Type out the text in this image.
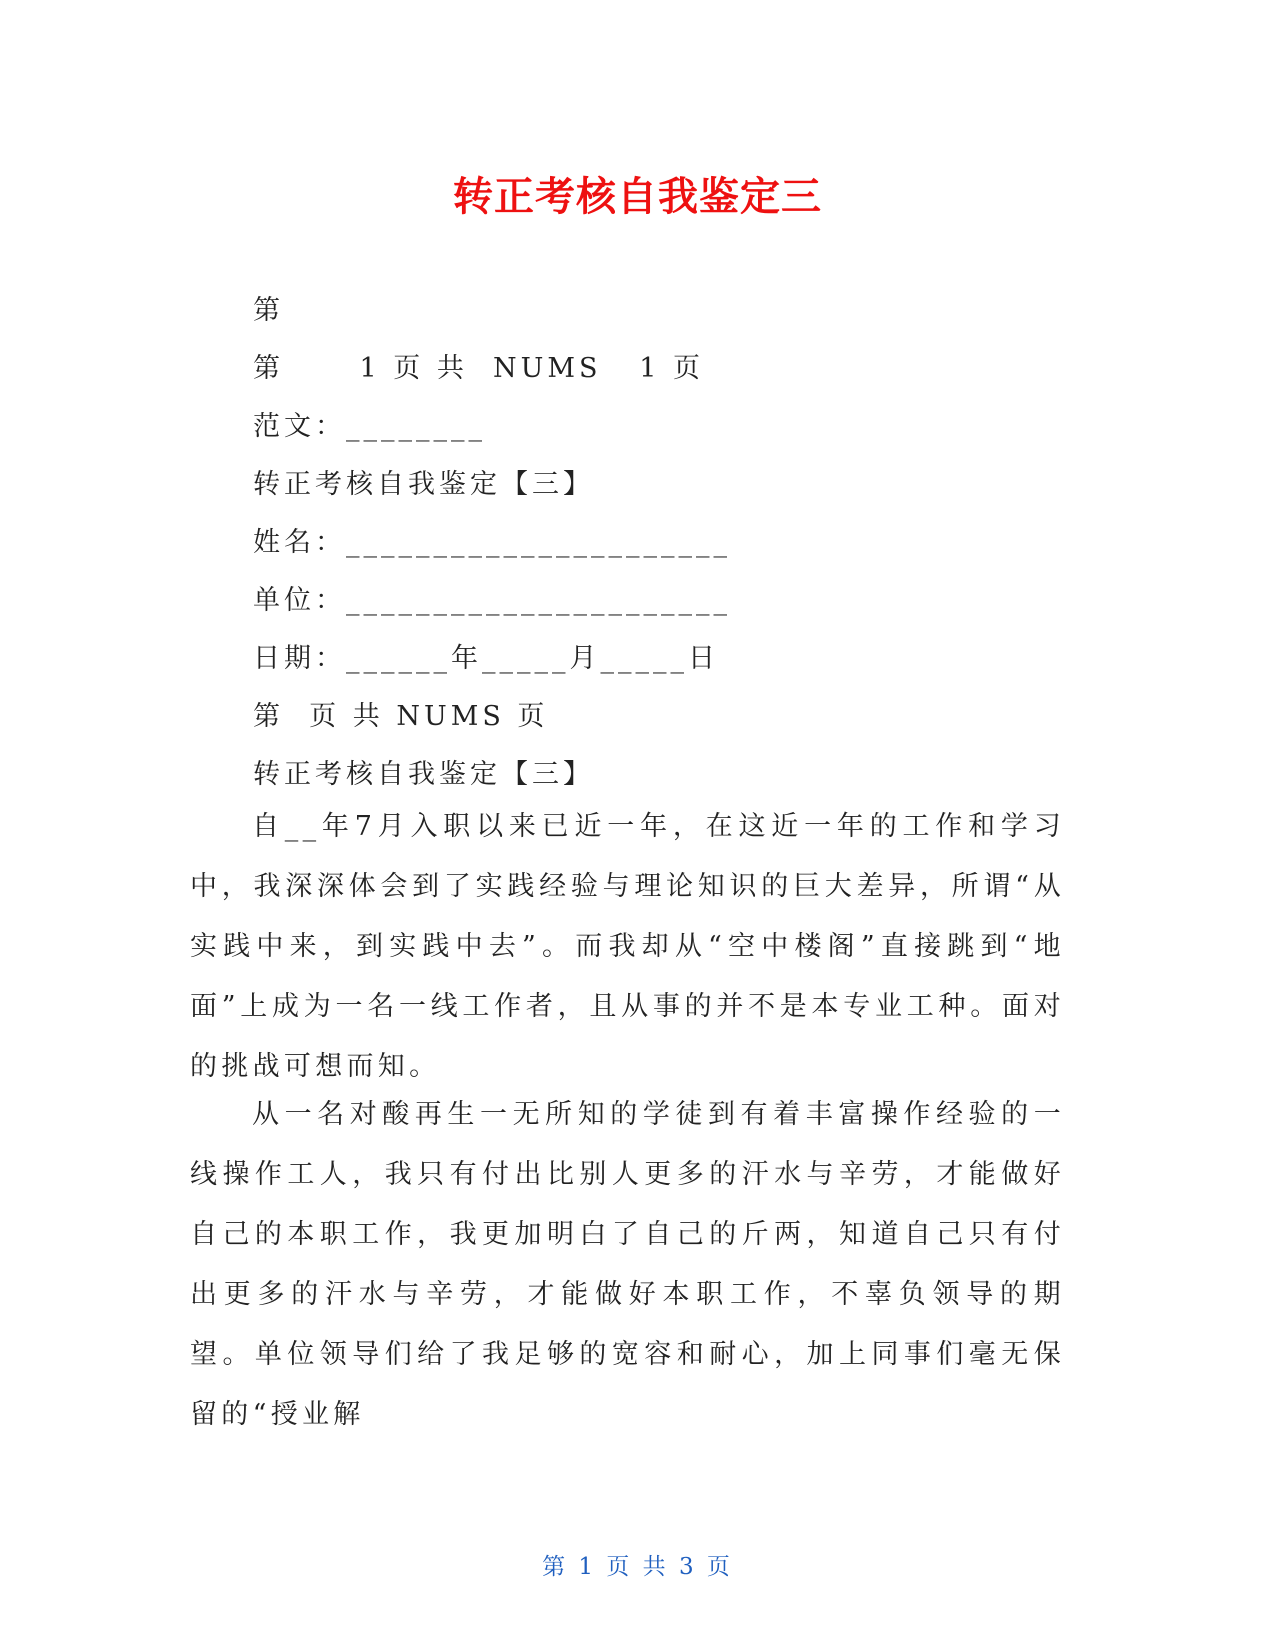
转正考核自我鉴定三
第
第      1 页 共  NUMS   1 页
范文：________
转正考核自我鉴定【三】
姓名：______________________
单位：______________________
日期：______年_____月_____日
第  页 共 NUMS 页
转正考核自我鉴定【三】

自__年7月入职以来已近一年，在这近一年的工作和学习中，我深深体会到了实践经验与理论知识的巨大差异，所谓“从实践中来，到实践中去”。而我却从“空中楼阁”直接跳到“地面”上成为一名一线工作者，且从事的并不是本专业工种。面对的挑战可想而知。

从一名对酸再生一无所知的学徒到有着丰富操作经验的一线操作工人，我只有付出比别人更多的汗水与辛劳，才能做好自己的本职工作，我更加明白了自己的斤两，知道自己只有付出更多的汗水与辛劳，才能做好本职工作，不辜负领导的期望。单位领导们给了我足够的宽容和耐心，加上同事们毫无保留的“授业解

第 1 页 共 3 页
